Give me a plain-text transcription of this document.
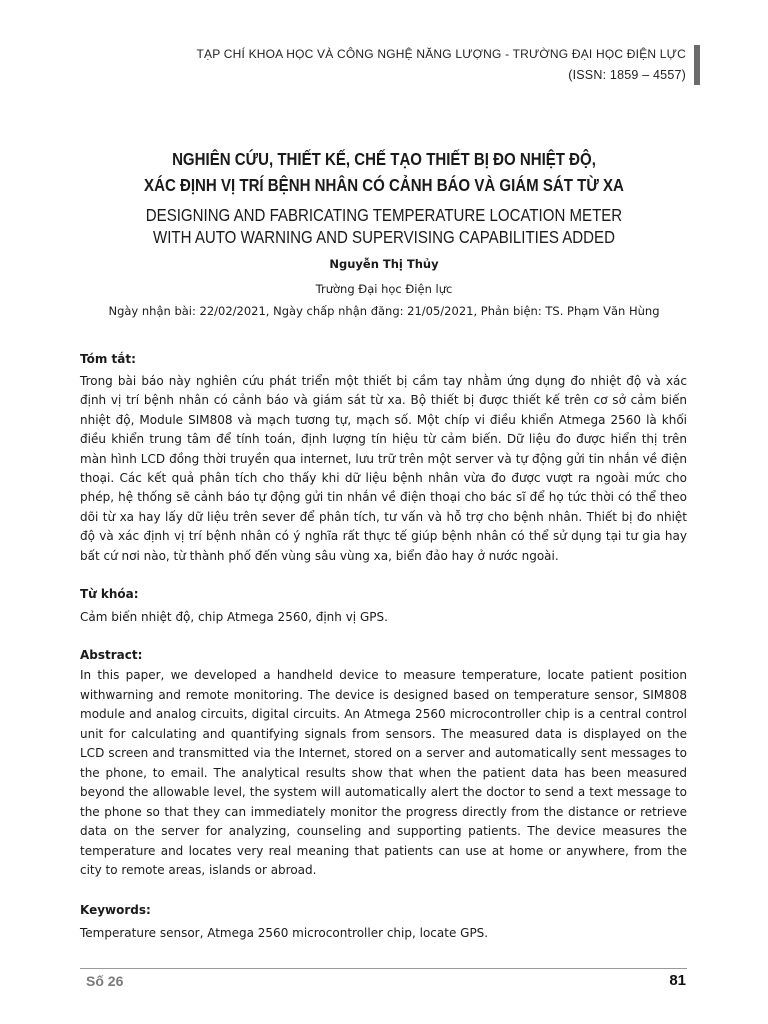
TẠP CHÍ KHOA HỌC VÀ CÔNG NGHỆ NĂNG LƯỢNG - TRƯỜNG ĐẠI HỌC ĐIỆN LỰC
(ISSN: 1859 – 4557)
NGHIÊN CỨU, THIẾT KẾ, CHẾ TẠO THIẾT BỊ ĐO NHIỆT ĐỘ,
XÁC ĐỊNH VỊ TRÍ BỆNH NHÂN CÓ CẢNH BÁO VÀ GIÁM SÁT TỪ XA
DESIGNING AND FABRICATING TEMPERATURE LOCATION METER
WITH AUTO WARNING AND SUPERVISING CAPABILITIES ADDED
Nguyễn Thị Thủy
Trường Đại học Điện lực
Ngày nhận bài: 22/02/2021, Ngày chấp nhận đăng: 21/05/2021, Phản biện: TS. Phạm Văn Hùng
Tóm tắt:
Trong bài báo này nghiên cứu phát triển một thiết bị cầm tay nhằm ứng dụng đo nhiệt độ và xác định vị trí bệnh nhân có cảnh báo và giám sát từ xa. Bộ thiết bị được thiết kế trên cơ sở cảm biến nhiệt độ, Module SIM808 và mạch tương tự, mạch số. Một chíp vi điều khiển Atmega 2560 là khối điều khiển trung tâm để tính toán, định lượng tín hiệu từ cảm biến. Dữ liệu đo được hiển thị trên màn hình LCD đồng thời truyền qua internet, lưu trữ trên một server và tự động gửi tin nhắn về điện thoại. Các kết quả phân tích cho thấy khi dữ liệu bệnh nhân vừa đo được vượt ra ngoài mức cho phép, hệ thống sẽ cảnh báo tự động gửi tin nhắn về điện thoại cho bác sĩ để họ tức thời có thể theo dõi từ xa hay lấy dữ liệu trên sever để phân tích, tư vấn và hỗ trợ cho bệnh nhân. Thiết bị đo nhiệt độ và xác định vị trí bệnh nhân có ý nghĩa rất thực tế giúp bệnh nhân có thể sử dụng tại tư gia hay bất cứ nơi nào, từ thành phố đến vùng sâu vùng xa, biển đảo hay ở nước ngoài.
Từ khóa:
Cảm biến nhiệt độ, chip Atmega 2560, định vị GPS.
Abstract:
In this paper, we developed a handheld device to measure temperature, locate patient position withwarning and remote monitoring. The device is designed based on temperature sensor, SIM808 module and analog circuits, digital circuits. An Atmega 2560 microcontroller chip is a central control unit for calculating and quantifying signals from sensors. The measured data is displayed on the LCD screen and transmitted via the Internet, stored on a server and automatically sent messages to the phone, to email. The analytical results show that when the patient data has been measured beyond the allowable level, the system will automatically alert the doctor to send a text message to the phone so that they can immediately monitor the progress directly from the distance or retrieve data on the server for analyzing, counseling and supporting patients. The device measures the temperature and locates very real meaning that patients can use at home or anywhere, from the city to remote areas, islands or abroad.
Keywords:
Temperature sensor, Atmega 2560 microcontroller chip, locate GPS.
Số 26	81
